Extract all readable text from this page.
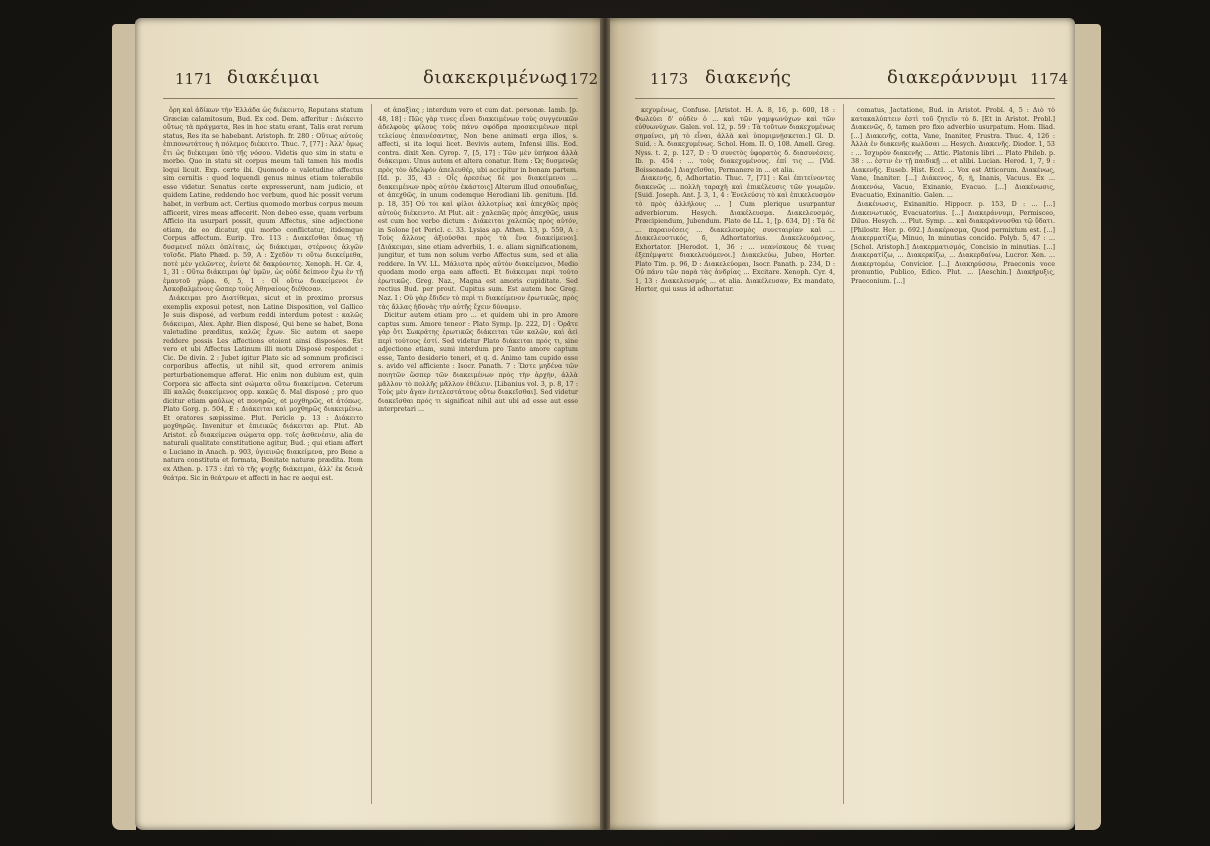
1171 διακέιμαι	διακεκριμένως
1172

ὅρη καὶ ἀδίκων τὴν Ἑλλάδα ὡς διέκειντο, Reputans statum Græciæ calamitosum, Bud. Ex cod. Dem. afferitur : Διέκειτο οὕτως τὰ πράγματα, Res in hoc statu erant, Talis erat rerum status, Res ita se habebant. Aristoph. fr. 280 : Οὕτως αὐτοὺς ἐπιπονωτάτους ἡ πόλεμος διέκειτο. Thuc. 7, [77] : Ἀλλ' ὅμως ἔτι ὡς διέκειμαι ὑπὸ τῆς νόσου. Videtis quo sim in statu e morbo. Quo in statu sit corpus meum tali tamen his modis loqui licuit. Exp. certe ibi. Quomodo e valetudine affectus sim cernitis : quod loquendi genus minus etiam tolerabile esse videtur. Senatus certe expresserunt, nam judicio, et quidem Latine, reddendo hoc verbum, quod hic possit verum habet, in verbum act. Certius quomodo morbus corpus meum afficerit, vires meas affecerit. Non debeo esse, quam verbum Afficio ita usurpari possit, quum Affectus, sine adjectione etiam, de eo dicatur, qui morbo conflictatur, itidemque Corpus affectum. Eurip. Tro. 113 : Διακεῖσθαι ὅπως τῇ δυσμενεῖ πόλει ὁπλίταις, ὡς διάκειμαι, στέρνοις ἀλγῶν τοῖσδε. Plato Phæd. p. 59, A : Σχεδὸν τι οὕτω διεκείμεθα, ποτὲ μὲν γελῶντες, ἐνίοτε δὲ δακρύοντες. Xenoph. H. Gr. 4, 1, 31 : Οὕτω διάκειμαι ὑφ' ὑμῶν, ὡς οὐδὲ δείπνον ἔχω ἐν τῇ ἐμαυτοῦ χώρᾳ. 6, 5, 1 : Οἱ οὕτω διακείμενοι ἐν Ἀσκοβαλμένοις ὥσπερ τοὺς Ἀθηναίους διέθεσαν.

Διάκειμαι pro Διατίθεμαι, sicut et in proximo prorsus exemplis exposui potest, non Latine Disposition, vel Gallico Je suis disposé, ad verbum reddi interdum potest : καλῶς διάκειμαι, Alex. Aphr. Bien disposé, Qui bene se habet, Bona valetudine præditus, καλῶς ἔχων. Sic autem et saepe reddere possis Les affections etoient ainsi disposées. Est vero et ubi Affectus Latinum illi motu Disposé respondet : Cic. De divin. 2 : Jubet igitur Plato sic ad somnum proficisci corporibus affectis, ut nihil sit, quod errorem animis perturbationemque afferat. Hic enim non dubium est, quin Corpora sic affecta sint σώματα οὕτω διακείμενα. Ceterum illi καλῶς διακείμενος opp. κακῶς δ. Mal disposé ; pro quo dicitur etiam φαύλως et πονηρῶς, et μοχθηρῶς, et ἀτόπως. Plato Gorg. p. 504, E : Διάκειται καὶ μοχθηρῶς διακειμένω. Et oratores sæpissime. Plut. Pericle p. 13 : Διάκειτο μοχθηρῶς. Invenitur et ἐπιεικῶς διάκειται ap. Plut. Ab Aristot. εὖ διακείμενα σώματα opp. τοῖς ἀσθενέσιν, alia de naturali qualitate constitutione agitur, Bud. ; qui etiam affert e Luciano in Anach. p. 903, ὑγιεινῶς διακείμενα, pro Bene a natura constituta et formata, Bonitate naturæ prædita. Item ex Athen. p. 173 : ἐπὶ τὸ τῆς ψυχῆς διάκειμαι, ἀλλ' ἐκ δεινὰ θεάτρα. Sic in θεάτρων et affecti in hac re aequi est.

et ἀπαξὶας ; interdum vero et cum dat. personæ. Iamb. [p. 48, 18] : Πῶς γὰρ τινες εἶναι διακειμένων τοὺς συγγενικῶν ἀδελφοὺς φίλους τοὺς πάνυ σφόδρα προσκειμένων περὶ τελείους ἐπαινέσαντας, Non bene animati erga illos, s. affecti, si ita loqui licet. Bevivis autem, Infensi illis. Eod. contra. dixit Xen. Cyrop. 7, [5, 17] : Τῶν μὲν ὑπήκοα ἀλλὰ διάκειμαι. Unus autem et altera conatur. Item : Ὡς δυσμενῶς πρὸς τὸν ἀδελφὸν ἀπελευθέρ, ubi accipitur in bonam partem. [Id. p. 35, 43 : Οἷς ἀρεσέως δὲ μοι διακείμενοι ... διακειμένων πρὸς αὐτὸν ἑκάστοις] Alterum illud σπουδαῖως, et ἀπεχθῶς, in unum codemque Herodiani lib. genitum. [Id. p. 18, 35] Οὐ τοι καὶ φίλοι ἀλλοτρίως καὶ ἀπεχθῶς πρὸς αὐτοὺς διέκειντο. At Plut. ait : χαλεπῶς πρὸς ἀπεχθῶς, usus est cum hoc verbo dictum : Διάκειται χαλεπῶς πρὸς αὐτόν, in Solone [et Pericl. c. 33. Lysias ap. Athen. 13, p. 559, A : Τοὺς ἄλλους ἀξιούσθαι πρὸς τὰ ἕνα διακείμενοι]. [Διάκειμαι, sine etiam adverbiis, 1. e. aliam significationem, jungitur, et tum non solum verbo Affectus sum, sed et alia reddere. In VV. LL. Μάλιστα πρὸς αὐτὸν διακείμενοι, Medio quodam modo erga eam affecti. Et διάκειμαι περὶ τούτο ἐρωτικῶς. Greg. Naz., Magna est amoris cupiditate. Sed rectius Bud. per prout. Cupitus sum. Est autem hoc Greg. Naz. I : Οὐ γὰρ ἔδιδεν τὸ περὶ τι διακείμενον ἐρωτικῶς, πρὸς τὰς ἄλλας ἡδονὰς τὴν αὐτῆς ἔχειν δύναμιν.

Dicitur autem etiam pro ... et quidem ubi in pro Amore captus sum. Amore teneor : Plato Symp. [p. 222, D] : Ὁρᾶτε γὰρ ὅτι Σωκράτης ἐρωτικῶς διάκειται τῶν καλῶν, καὶ ἀεὶ περὶ τούτους ἐστί. Sed videtur Plato διάκειται πρός τι, sine adjectione etiam, sumi interdum pro Tanto amore captum esse, Tanto desiderio teneri, et q. d. Animo tam cupido esse s. avido vel afficiente : Isocr. Panath. 7 : Ὥστε μηδένα τῶν ποιητῶν ὥσπερ τῶν διακειμένων πρὸς τὴν ἀρχήν, ἀλλὰ μᾶλλον τὸ πολλῆς μᾶλλον ἐθέλειν. [Libanius vol. 3, p. 8, 17 : Τοὺς μὲν ἄγαν ἐντελεστάτους οὕτω διακεῖσθαι]. Sed videtur διακεῖσθαι πρός τι significat nihil aut ubi ad esse aut esse interpretari ...

1173 διακενής	διακεράννυμι 1174

κεχυμένως, Confuse. [Aristot. H. A. 8, 16, p. 600, 18 : Φωλεύει δ' οὐδὲν ὁ ... καὶ τῶν γαμψωνύχων καὶ τῶν εὐθυωνύχων. Galen. vol. 12, p. 59 : Τὰ τοῦτων διακεχυμένως σημαίνει, μὴ τὸ εἶναι, ἀλλὰ καὶ ὑπομιμνῄσκεται.] Gl. D. Suid. : Ἀ. διακεχυμένως. Schol. Hom. II. O, 108. Amell. Greg. Nyss. t. 2, p. 127, D : Ὁ συνετὸς ὑφορατὸς δ. διασυνέσεις. Ib. p. 454 : ... τοὺς διακεχυμένους. ἐπί τις ... [Vid. Boissonade.] Διαχεῖσθαι, Permanere in ... et alia.

Διακενής, δ, Adhortatio. Thuc. 7, [71] : Καὶ ἐπιτείνοντες διακενῶς ... πολλὴ ταραχὴ καὶ ἐπικέλευσις τῶν γνωμῶν. [Suid. Joseph. Ant. J. 3, 1, 4 : Ἐνελεύσις τὸ καὶ ἐπικελευσμὸν τὸ πρὸς ἀλλήλους ... ] Cum plerique usurpantur adverbiorum. Hesych. Διακέλευσμα. Διακελευσμός, Præcipiendum, Jubendum. Plato de LL. 1, [p. 634, D] : Τὰ δὲ ... παραινέσεις ... διακελευσμὸς συνεταιρίαν καὶ ... Διακελευστικός, δ, Adhortatorius. Διακελευόμενος, Exhortator. [Herodot. 1, 36 : ... νεανίσκους δὲ τινας ἐξεπέμψατε διακελευόμενοι.] Διακελεύω, Jubeo, Horter. Plato Tim. p. 96, D : Διακελεύομαι, Isocr. Panath. p. 234, D : Οὐ πάνυ τῶν παρὰ τὰς ἀνδρίας ... Excitare. Xenoph. Cyr. 4, 1, 13 : Διακελευσμός ... et alia. Διακέλευσαν, Ex mandato, Horter, qui usus id adhortatur.

comatus, Jactatione, Bud. in Aristot. Probl. 4, 5 : Διὸ τὸ κατακαλύπτειν ἐστὶ τοῦ ζητεῖν τὸ δ. [Et in Aristot. Probl.] Διακενῶς, δ, tamen pro fixo adverbio usurpatum. Hom. Iliad. [...] Διακενῆς, cotta, Vane, Inaniter, Frustra. Thuc. 4, 126 : Ἀλλὰ ἐν διακενῆς κωλῦσαι ... Hesych. Διακενῆς. Diodor. 1, 53 : ... Ἰσχυρὸν διακενῆς ... Attic. Platonis libri ... Plato Phileb. p. 38 : ... ἐστιν ἐν τῇ παιδικῇ ... et alibi. Lucian. Herod. 1, 7, 9 : Διακενῆς. Euseb. Hist. Eccl. ... Vox est Atticorum. Διακένως, Vane, Inaniter. [...] Διάκενος, δ, ή, Inanis, Vacuus. Ex ... Διακενόω, Vacuo, Exinanio, Evacuo. [...] Διακένωσις, Evacuatio, Exinanitio. Galen. ...

Διακένωσις, Exinanitio. Hippocr. p. 153, D : ... [...] Διακενωτικός, Evacuatorius. [...] Διακεράννυμι, Permisceo, Diluo. Hesych. ... Plut. Symp. ... καὶ διακεράννυσθαι τῷ ὕδατι. [Philostr. Her. p. 692.] Διακέρασμα, Quod permixtum est. [...] Διακερματίζω, Minuo, In minutias concido. Polyb. 5, 47 : ... [Schol. Aristoph.] Διακερματισμός, Concisio in minutias. [...] Διακερατίζω, ... Διακερκίζω, ... Διακερδαίνω, Lucror. Xen. ... Διακερτομέω, Convicior. [...] Διακηρύσσω, Praeconis voce pronuntio, Publico, Edico. Plut. ... [Aeschin.] Διακήρυξις, Praeconium. [...]
